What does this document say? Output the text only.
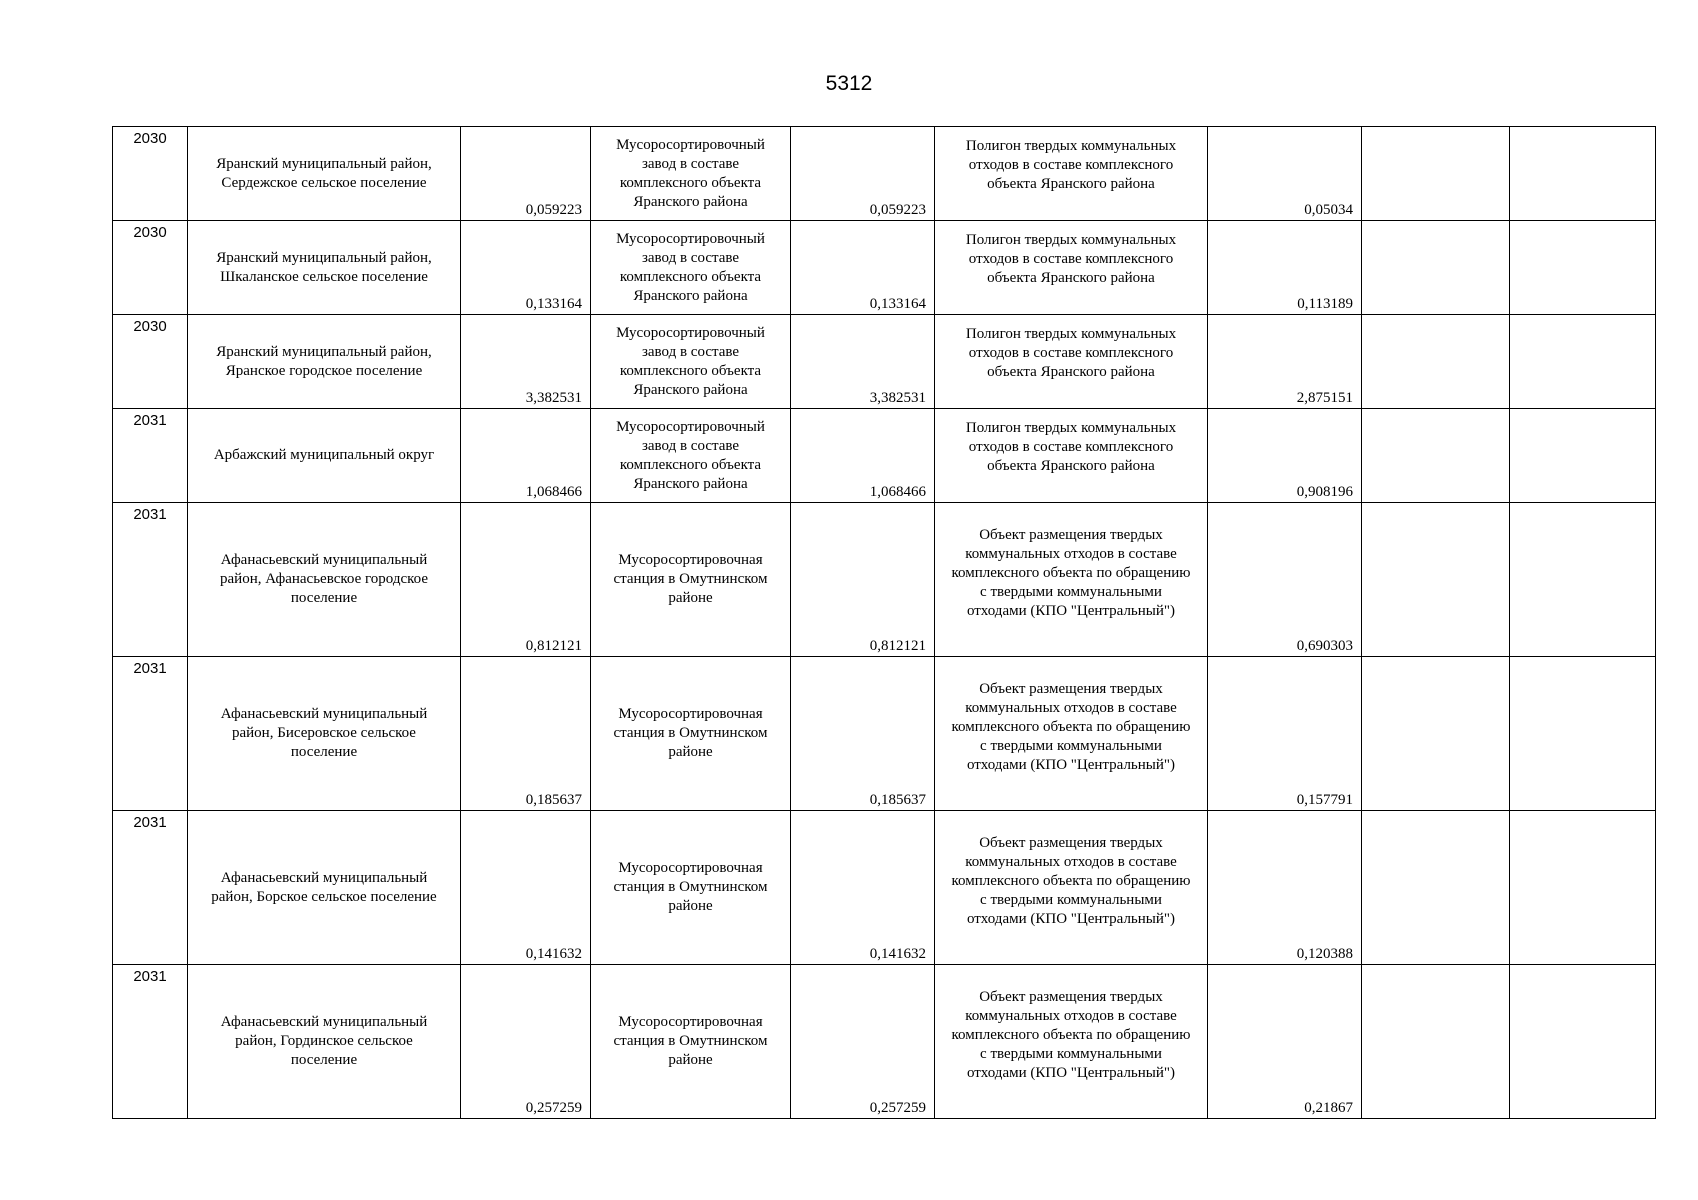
5312
2030	Яранский муниципальный район, Сердежское сельское поселение	0,059223	Мусоросортировочный завод в составе комплексного объекта Яранского района	0,059223	Полигон твердых коммунальных отходов в составе комплексного объекта Яранского района	0,05034		
2030	Яранский муниципальный район, Шкаланское сельское поселение	0,133164	Мусоросортировочный завод в составе комплексного объекта Яранского района	0,133164	Полигон твердых коммунальных отходов в составе комплексного объекта Яранского района	0,113189		
2030	Яранский муниципальный район, Яранское городское поселение	3,382531	Мусоросортировочный завод в составе комплексного объекта Яранского района	3,382531	Полигон твердых коммунальных отходов в составе комплексного объекта Яранского района	2,875151		
2031	Арбажский муниципальный округ	1,068466	Мусоросортировочный завод в составе комплексного объекта Яранского района	1,068466	Полигон твердых коммунальных отходов в составе комплексного объекта Яранского района	0,908196		
2031	Афанасьевский муниципальный район, Афанасьевское городское поселение	0,812121	Мусоросортировочная станция в Омутнинском районе	0,812121	Объект размещения твердых коммунальных отходов в составе комплексного объекта по обращению с твердыми коммунальными отходами (КПО "Центральный")	0,690303		
2031	Афанасьевский муниципальный район, Бисеровское сельское поселение	0,185637	Мусоросортировочная станция в Омутнинском районе	0,185637	Объект размещения твердых коммунальных отходов в составе комплексного объекта по обращению с твердыми коммунальными отходами (КПО "Центральный")	0,157791		
2031	Афанасьевский муниципальный район, Борское сельское поселение	0,141632	Мусоросортировочная станция в Омутнинском районе	0,141632	Объект размещения твердых коммунальных отходов в составе комплексного объекта по обращению с твердыми коммунальными отходами (КПО "Центральный")	0,120388		
2031	Афанасьевский муниципальный район, Гординское сельское поселение	0,257259	Мусоросортировочная станция в Омутнинском районе	0,257259	Объект размещения твердых коммунальных отходов в составе комплексного объекта по обращению с твердыми коммунальными отходами (КПО "Центральный")	0,21867		
